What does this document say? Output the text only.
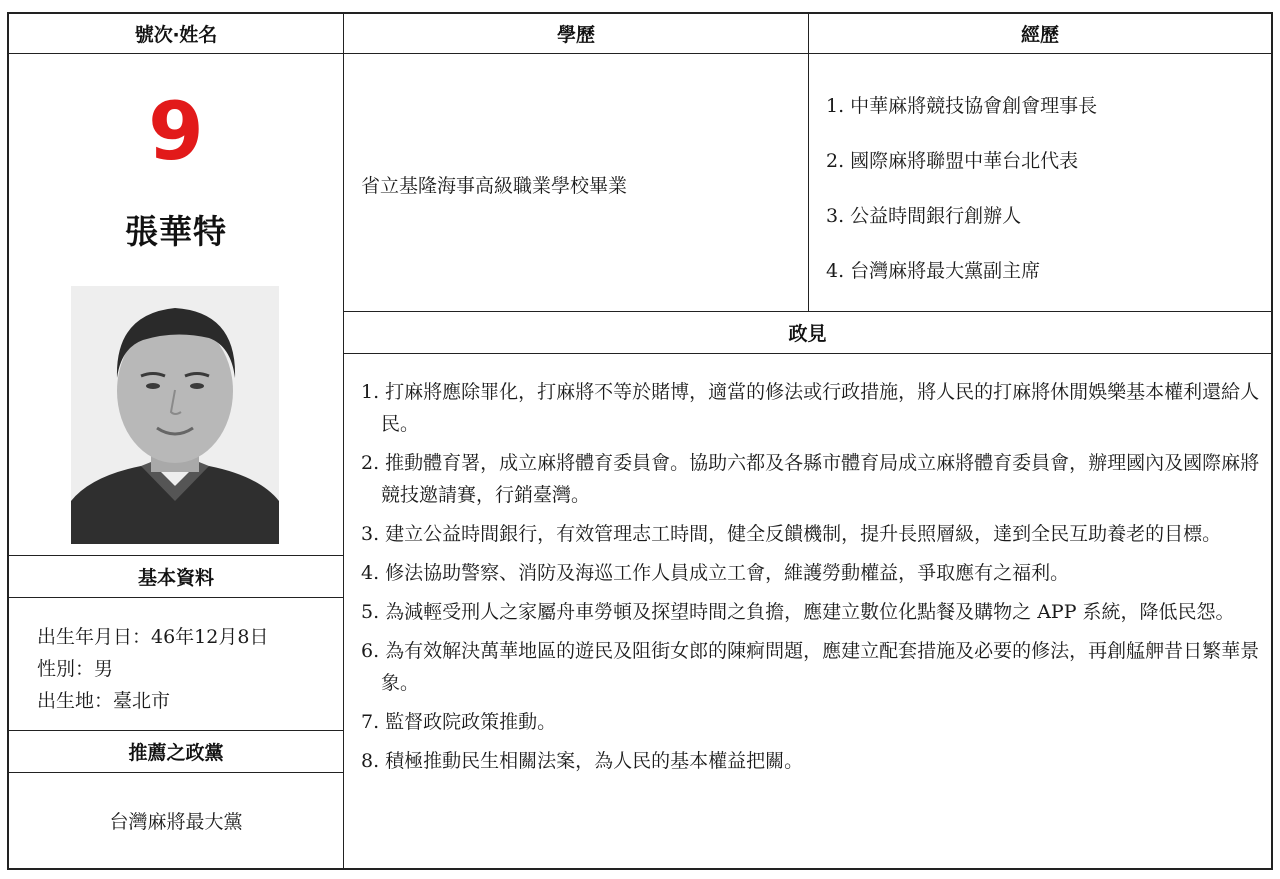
號次‧姓名	學歷	經歷
政見
基本資料
推薦之政黨
9
張華特
出生年月日：46年12月8日
性別：男
出生地：臺北市
台灣麻將最大黨
省立基隆海事高級職業學校畢業
1. 中華麻將競技協會創會理事長
2. 國際麻將聯盟中華台北代表
3. 公益時間銀行創辦人
4. 台灣麻將最大黨副主席
1. 打麻將應除罪化，打麻將不等於賭博，適當的修法或行政措施，將人民的打麻將休閒娛樂基本權利還給人民。
2. 推動體育署，成立麻將體育委員會。協助六都及各縣市體育局成立麻將體育委員會，辦理國內及國際麻將競技邀請賽，行銷臺灣。
3. 建立公益時間銀行，有效管理志工時間，健全反饋機制，提升長照層級，達到全民互助養老的目標。
4. 修法協助警察、消防及海巡工作人員成立工會，維護勞動權益，爭取應有之福利。
5. 為減輕受刑人之家屬舟車勞頓及探望時間之負擔，應建立數位化點餐及購物之 APP 系統，降低民怨。
6. 為有效解決萬華地區的遊民及阻街女郎的陳痾問題，應建立配套措施及必要的修法，再創艋舺昔日繁華景象。
7. 監督政院政策推動。
8. 積極推動民生相關法案，為人民的基本權益把關。
